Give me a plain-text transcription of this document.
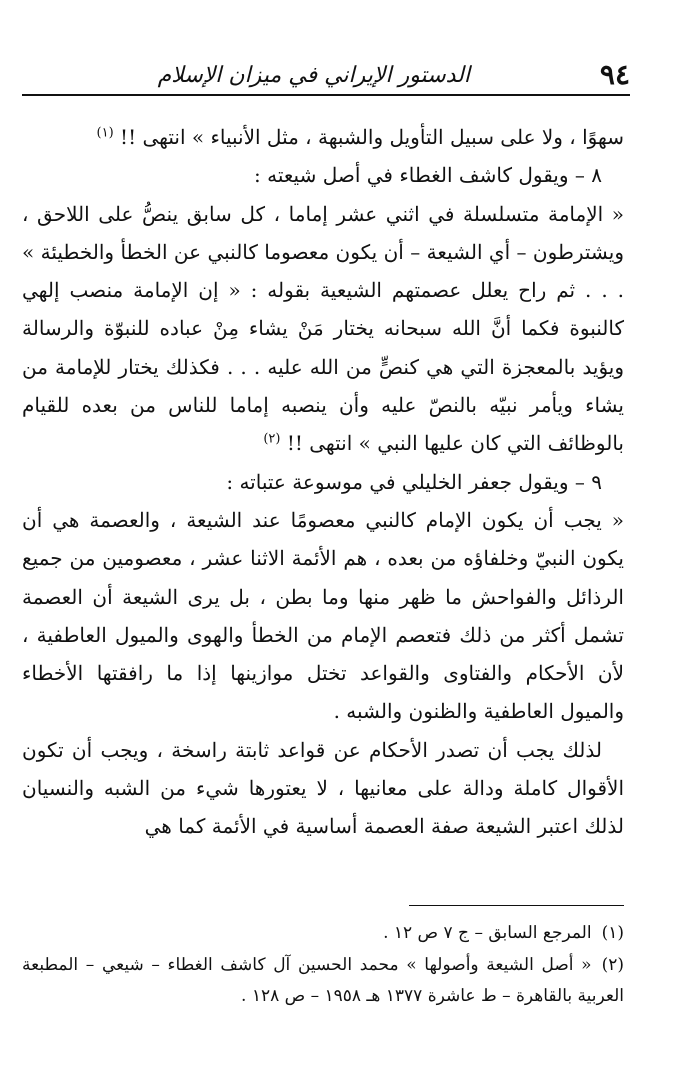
٩٤
الدستور الإيراني في ميزان الإسلام

سهوًا ، ولا على سبيل التأويل والشبهة ، مثل الأنبياء » انتهى !! $^{(١)}$

٨ – ويقول كاشف الغطاء في أصل شيعته :

« الإمامة متسلسلة في اثني عشر إماما ، كل سابق ينصُّ على اللاحق ، ويشترطون – أي الشيعة – أن يكون معصوما كالنبي عن الخطأ والخطيئة » . . . ثم راح يعلل عصمتهم الشيعية بقوله : « إن الإمامة منصب إلهي كالنبوة فكما أنَّ الله سبحانه يختار مَنْ يشاء مِنْ عباده للنبوّة والرسالة ويؤيد بالمعجزة التي هي كنصٍّ من الله عليه . . . فكذلك يختار للإمامة من يشاء ويأمر نبيّه بالنصّ عليه وأن ينصبه إماما للناس من بعده للقيام بالوظائف التي كان عليها النبي » انتهى !! $^{(٢)}$

٩ – ويقول جعفر الخليلي في موسوعة عتباته :

« يجب أن يكون الإمام كالنبي معصومًا عند الشيعة ، والعصمة هي أن يكون النبيّ وخلفاؤه من بعده ، هم الأئمة الاثنا عشر ، معصومين من جميع الرذائل والفواحش ما ظهر منها وما بطن ، بل يرى الشيعة أن العصمة تشمل أكثر من ذلك فتعصم الإمام من الخطأ والهوى والميول العاطفية ، لأن الأحكام والفتاوى والقواعد تختل موازينها إذا ما رافقتها الأخطاء والميول العاطفية والظنون والشبه .

لذلك يجب أن تصدر الأحكام عن قواعد ثابتة راسخة ، ويجب أن تكون الأقوال كاملة ودالة على معانيها ، لا يعتورها شيء من الشبه والنسيان لذلك اعتبر الشيعة صفة العصمة أساسية في الأئمة كما هي

(١)المرجع السابق – ج ٧ ص ١٢ .

(٢)« أصل الشيعة وأصولها » محمد الحسين آل كاشف الغطاء – شيعي – المطبعة العربية بالقاهرة – ط عاشرة ١٣٧٧ هـ ١٩٥٨ – ص ١٢٨ .
